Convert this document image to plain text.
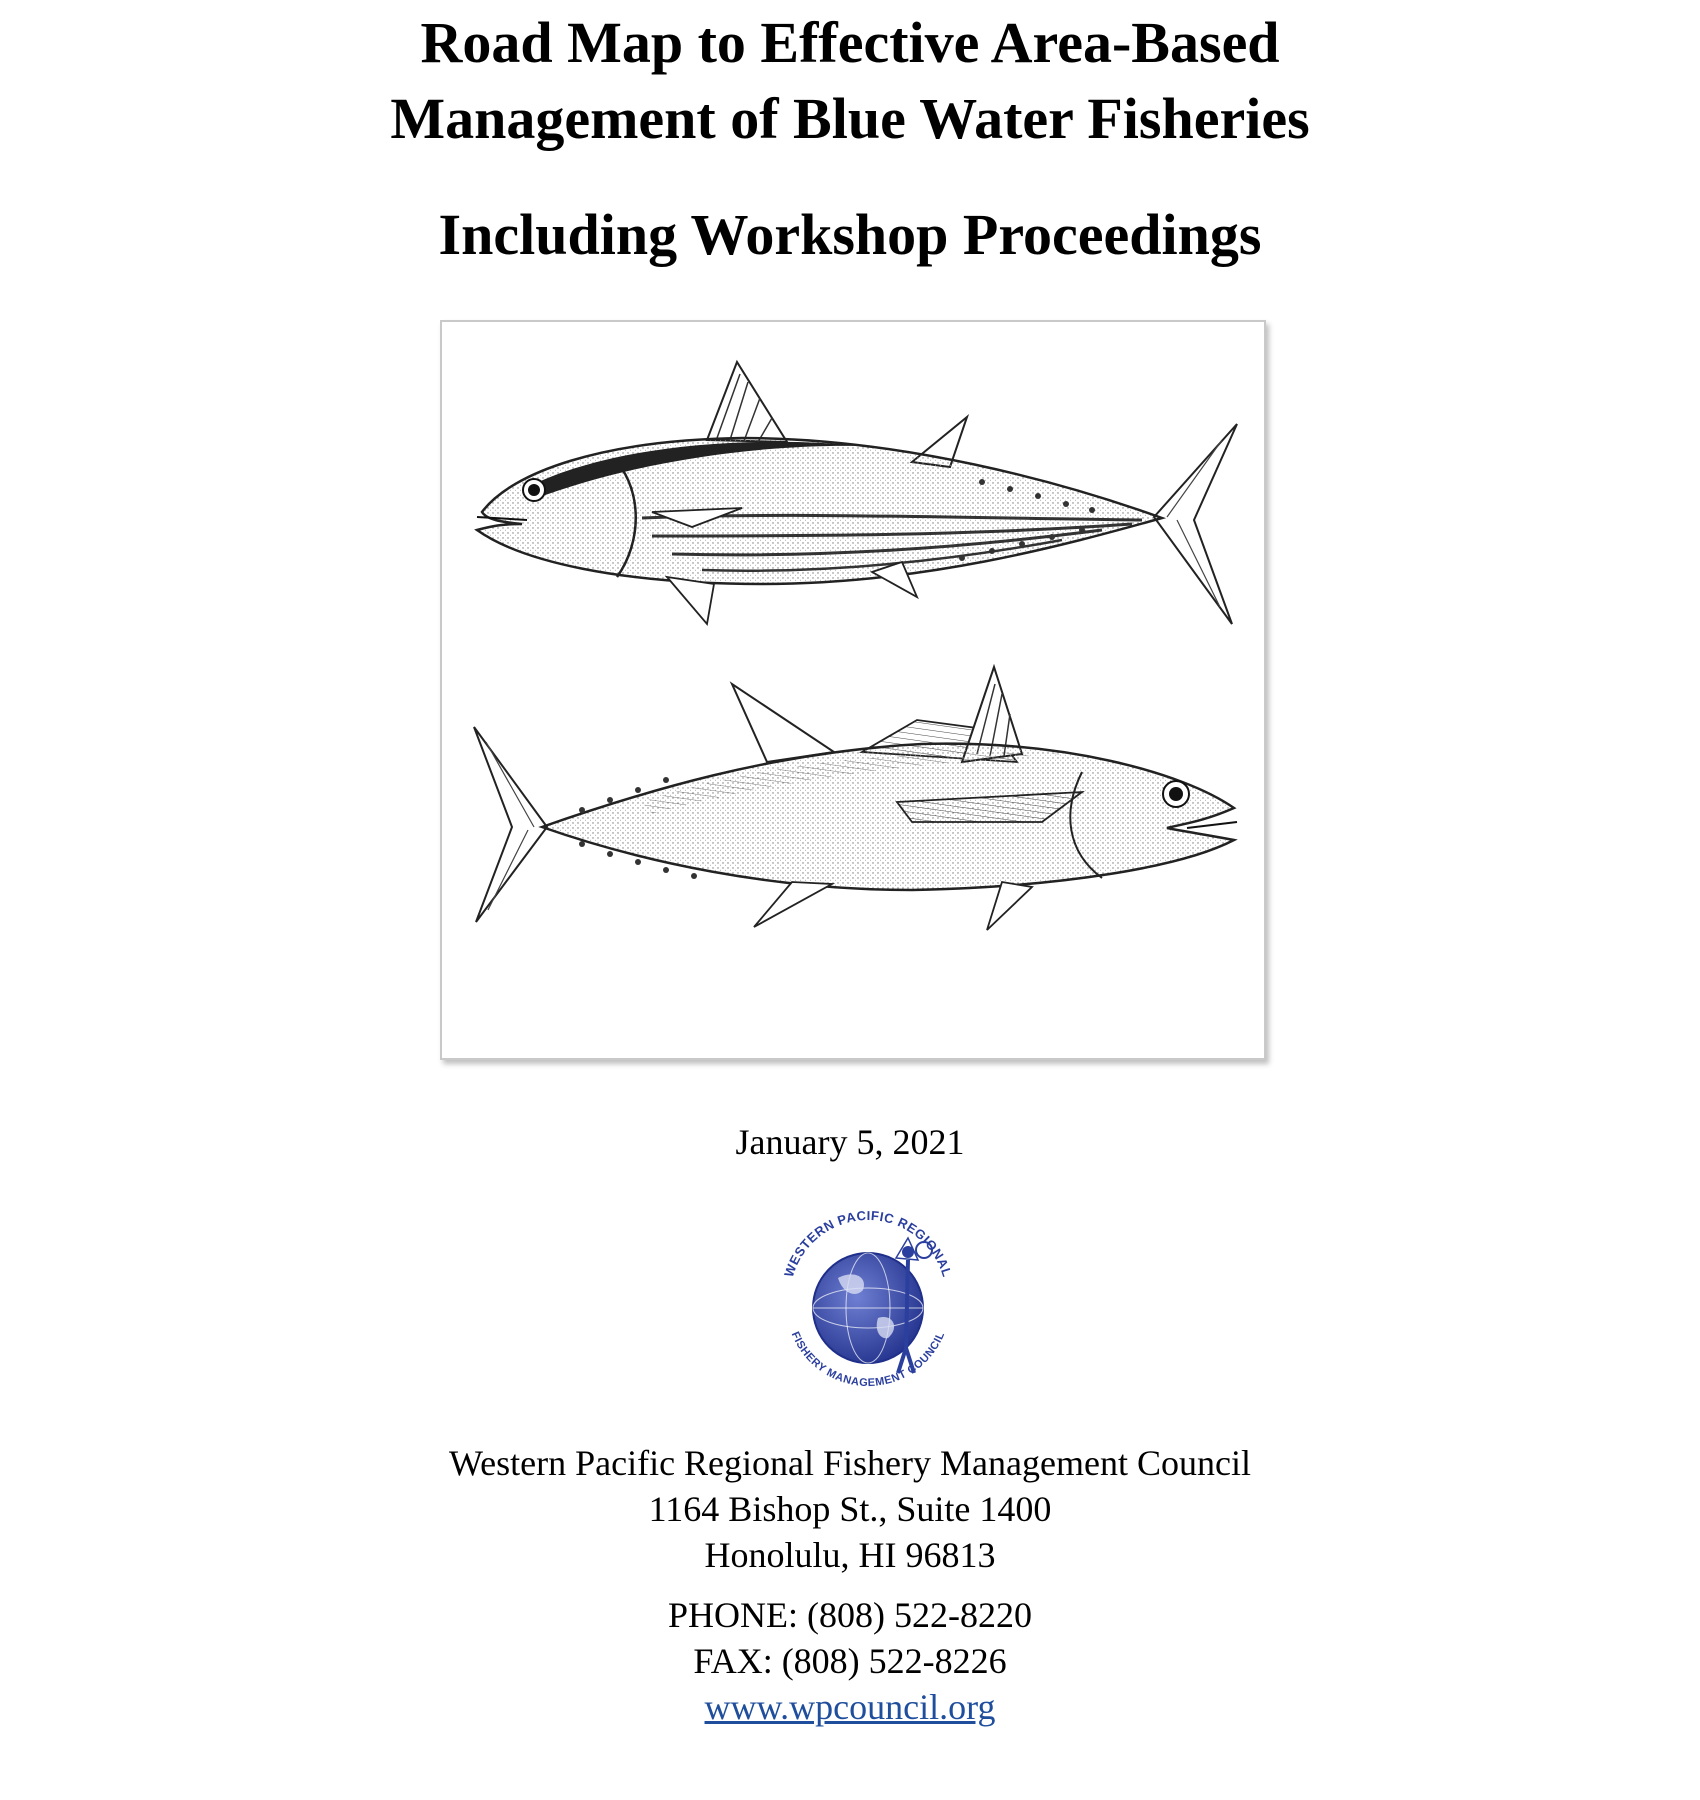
Road Map to Effective Area-Based
Management of Blue Water Fisheries
Including Workshop Proceedings
January 5, 2021
WESTERN PACIFIC REGIONAL
FISHERY MANAGEMENT COUNCIL
Western Pacific Regional Fishery Management Council
1164 Bishop St., Suite 1400
Honolulu, HI 96813
PHONE: (808) 522-8220
FAX: (808) 522-8226
www.wpcouncil.org
